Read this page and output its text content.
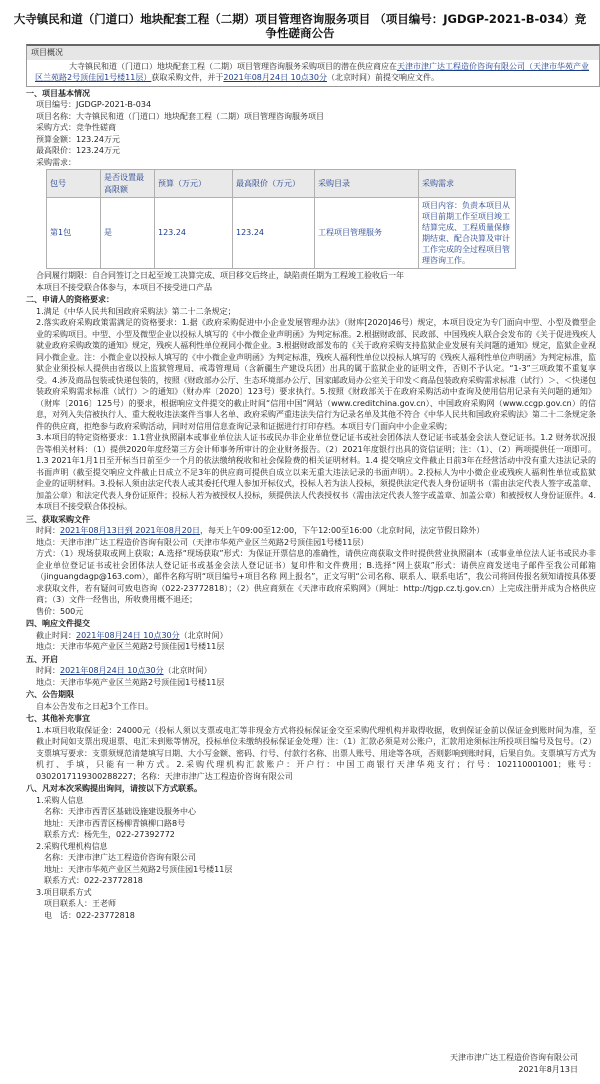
大寺镇民和道（门道口）地块配套工程（二期）项目管理咨询服务项目 （项目编号：JGDGP-2021-B-034）竞争性磋商公告
项目概况
大寺镇民和道（门道口）地块配套工程（二期）项目管理咨询服务采购项目的潜在供应商应在天津市津广达工程造价咨询有限公司（天津市华苑产业区兰苑路2号顶佳园1号楼11层）获取采购文件，并于2021年08月24日 10点30分（北京时间）前提交响应文件。
一、项目基本情况
项目编号：JGDGP-2021-B-034
项目名称：大寺镇民和道（门道口）地块配套工程（二期）项目管理咨询服务项目
采购方式：竞争性磋商
预算金额：123.24万元
最高限价：123.24万元
采购需求：
包号	是否设置最高限额	预算（万元）	最高限价（万元）	采购目录	采购需求
第1包	是	123.24	123.24	工程项目管理服务	项目内容：负责本项目从项目前期工作至项目竣工结算完成、工程质量保修期结束、配合决算及审计工作完成的全过程项目管理咨询工作。
合同履行期限：自合同签订之日起至竣工决算完成、项目移交后终止，缺陷责任期为工程竣工验收后一年
本项目不接受联合体参与，本项目不接受进口产品
二、申请人的资格要求：
1.满足《中华人民共和国政府采购法》第二十二条规定；
2.落实政府采购政策需满足的资格要求：1.据《政府采购促进中小企业发展管理办法》（财库[2020]46号）规定，本项目设定为专门面向中型、小型及微型企业的采购项目。中型、小型及微型企业以投标人填写的《中小微企业声明函》为判定标准。2.根据财政部、民政部、中国残疾人联合会发布的《关于促进残疾人就业政府采购政策的通知》规定，残疾人福利性单位视同小微企业。3.根据财政部发布的《关于政府采购支持监狱企业发展有关问题的通知》规定，监狱企业视同小微企业。注：小微企业以投标人填写的《中小微企业声明函》为判定标准，残疾人福利性单位以投标人填写的《残疾人福利性单位声明函》为判定标准，监狱企业须投标人提供由省级以上监狱管理局、戒毒管理局（含新疆生产建设兵团）出具的属于监狱企业的证明文件，否则不予认定。“1-3”三项政策不重复享受。4.涉及商品包装或快递包装的，按照《财政部办公厅、生态环境部办公厅、国家邮政局办公室关于印发＜商品包装政府采购需求标准（试行）＞、＜快递包装政府采购需求标准（试行）＞的通知》（财办库〔2020〕123号）要求执行。5.按照《财政部关于在政府采购活动中查询及使用信用记录有关问题的通知》（财库〔2016〕125号）的要求，根据响应文件提交的截止时间“信用中国”网站（www.creditchina.gov.cn）、中国政府采购网（www.ccgp.gov.cn）的信息，对列入失信被执行人、重大税收违法案件当事人名单、政府采购严重违法失信行为记录名单及其他不符合《中华人民共和国政府采购法》第二十二条规定条件的供应商，拒绝参与政府采购活动，同时对信用信息查询记录和证据进行打印存档。本项目专门面向中小企业采购；
3.本项目的特定资格要求：1.1营业执照副本或事业单位法人证书或民办非企业单位登记证书或社会团体法人登记证书或基金会法人登记证书。1.2 财务状况报告等相关材料：（1）提供2020年度经第三方会计师事务所审计的企业财务报告。（2）2021年度银行出具的资信证明；注：（1）、（2）两项提供任一项即可。1.3 2021年1月1日至开标当日前至少一个月的依法缴纳税收和社会保险费的相关证明材料。1.4 提交响应文件截止日前3年在经营活动中没有重大违法记录的书面声明（截至提交响应文件截止日成立不足3年的供应商可提供自成立以来无重大违法记录的书面声明）。2.投标人为中小微企业或残疾人福利性单位或监狱企业的证明材料。3.投标人须由法定代表人或其委托代理人参加开标仪式，投标人若为法人投标，须提供法定代表人身份证明书（需由法定代表人签字或盖章、加盖公章）和法定代表人身份证原件；投标人若为被授权人投标，须提供法人代表授权书（需由法定代表人签字或盖章、加盖公章）和被授权人身份证原件。4.本项目不接受联合体投标。
三、获取采购文件
时间：2021年08月13日到 2021年08月20日，每天上午09:00至12:00，下午12:00至16:00（北京时间，法定节假日除外）
地点：天津市津广达工程造价咨询有限公司（天津市华苑产业区兰苑路2号顶佳园1号楼11层）
方式：（1）现场获取或网上获取；A.选择“现场获取”形式：为保证开票信息的准确性，请供应商获取文件时提供营业执照副本（或事业单位法人证书或民办非企业单位登记证书或社会团体法人登记证书或基金会法人登记证书）复印件和文件费用；B.选择“网上获取”形式：请供应商发送电子邮件至我公司邮箱（jinguangdagp@163.com），邮件名称写明“项目编号+项目名称 网上报名”，正文写明“公司名称、联系人、联系电话”，我公司将回传报名须知请按具体要求获取文件，若有疑问可致电咨询（022-23772818）；（2）供应商须在《天津市政府采购网》（网址：http://tjgp.cz.tj.gov.cn）上完成注册并成为合格供应商；（3）文件一经售出，所收费用概不退还；
售价：500元
四、响应文件提交
截止时间：2021年08月24日 10点30分（北京时间）
地点：天津市华苑产业区兰苑路2号顶佳园1号楼11层
五、开启
时间：2021年08月24日 10点30分（北京时间）
地点：天津市华苑产业区兰苑路2号顶佳园1号楼11层
六、公告期限
自本公告发布之日起3个工作日。
七、其他补充事宜
1.本项目收取保证金：24000元（投标人须以支票或电汇等非现金方式将投标保证金交至采购代理机构并取得收据，收到保证金前以保证金到账时间为准，至截止时间如支票出现退票、电汇未到账等情况，投标单位未缴纳投标保证金处理）注：（1）汇款必须是对公账户，汇款用途须标注所投项目编号及包号。（2）支票填写要求：支票须规范清楚填写日期、大小写金额、密码、行号、付款行名称、出票人账号、用途等各项，否则影响到账时间，后果自负。支票填写方式为机打、手填，只能有一种方式。2.采购代理机构汇款账户：开户行：中国工商银行天津华苑支行；行号：102110001001；账号：0302017119300288227；名称：天津市津广达工程造价咨询有限公司
八、凡对本次采购提出询问，请按以下方式联系。
1.采购人信息
名称：天津市西青区基础设施建设服务中心
地址：天津市西青区杨柳青镇柳口路8号
联系方式：杨先生，022-27392772
2.采购代理机构信息
名称：天津市津广达工程造价咨询有限公司
地址：天津市华苑产业区兰苑路2号顶佳园1号楼11层
联系方式：022-23772818
3.项目联系方式
项目联系人：王老师
电　话：022-23772818
天津市津广达工程造价咨询有限公司
2021年8月13日
